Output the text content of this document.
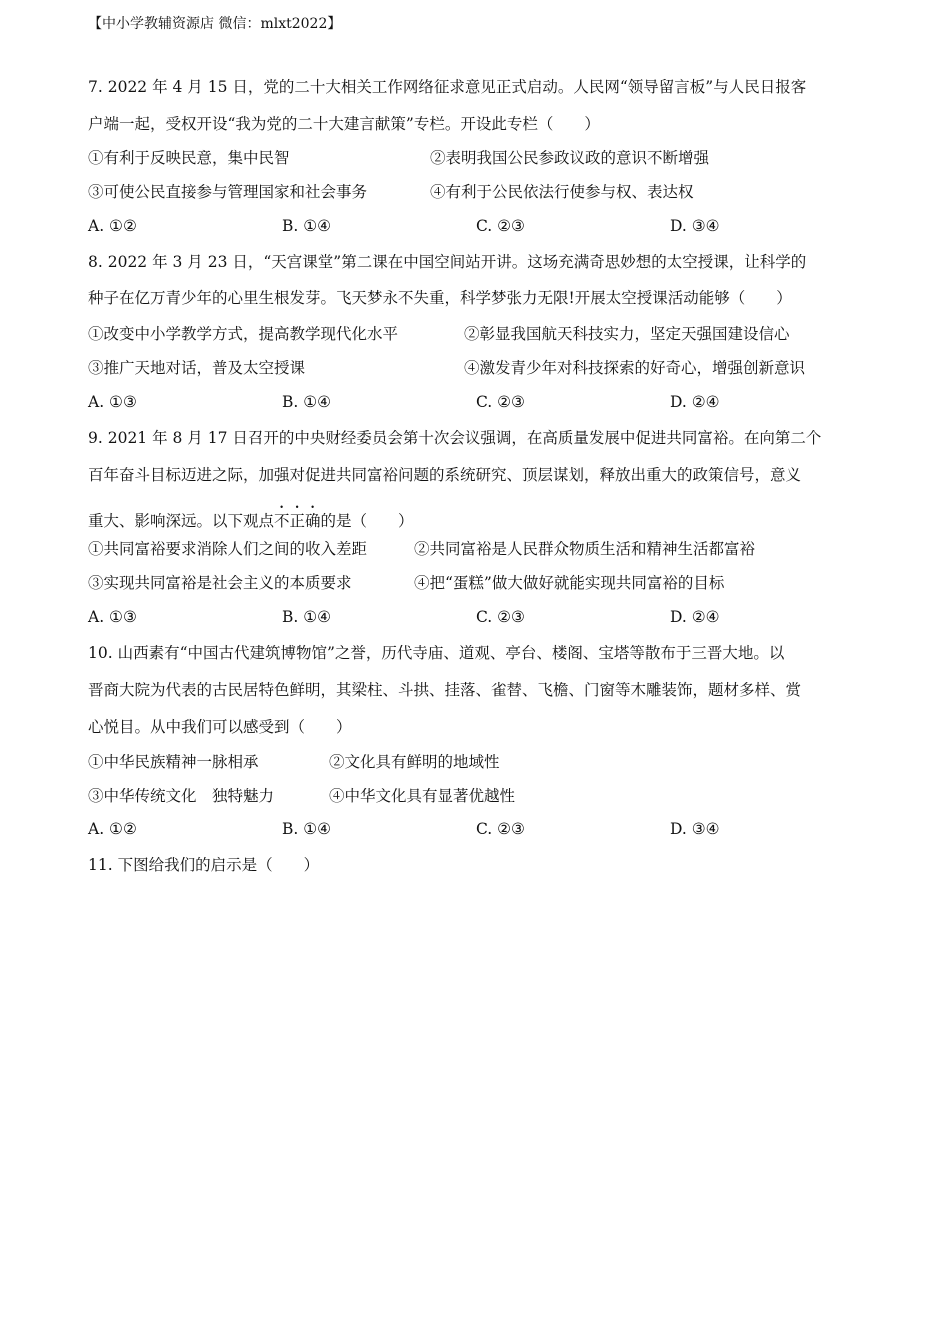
【中小学教辅资源店 微信：mlxt2022】
7. 2022 年 4 月 15 日，党的二十大相关工作网络征求意见正式启动。人民网“领导留言板”与人民日报客
户端一起，受权开设“我为党的二十大建言献策”专栏。开设此专栏（　　）
①有利于反映民意，集中民智	②表明我国公民参政议政的意识不断增强
③可使公民直接参与管理国家和社会事务	④有利于公民依法行使参与权、表达权
A. ①②	B. ①④	C. ②③	D. ③④
8. 2022 年 3 月 23 日，“天宫课堂”第二课在中国空间站开讲。这场充满奇思妙想的太空授课，让科学的
种子在亿万青少年的心里生根发芽。飞天梦永不失重，科学梦张力无限!开展太空授课活动能够（　　）
①改变中小学教学方式，提高教学现代化水平	②彰显我国航天科技实力，坚定天强国建设信心
③推广天地对话，普及太空授课	④激发青少年对科技探索的好奇心，增强创新意识
A. ①③	B. ①④	C. ②③	D. ②④
9. 2021 年 8 月 17 日召开的中央财经委员会第十次会议强调，在高质量发展中促进共同富裕。在向第二个
百年奋斗目标迈进之际，加强对促进共同富裕问题的系统研究、顶层谋划，释放出重大的政策信号，意义
重大、影响深远。以下观点不正确的是（　　）
①共同富裕要求消除人们之间的收入差距	②共同富裕是人民群众物质生活和精神生活都富裕
③实现共同富裕是社会主义的本质要求	④把“蛋糕”做大做好就能实现共同富裕的目标
A. ①③	B. ①④	C. ②③	D. ②④
10. 山西素有“中国古代建筑博物馆”之誉，历代寺庙、道观、亭台、楼阁、宝塔等散布于三晋大地。以
晋商大院为代表的古民居特色鲜明，其梁柱、斗拱、挂落、雀替、飞檐、门窗等木雕装饰，题材多样、赏
心悦目。从中我们可以感受到（　　）
①中华民族精神一脉相承	②文化具有鲜明的地域性
③中华传统文化　独特魅力	④中华文化具有显著优越性
A. ①②	B. ①④	C. ②③	D. ③④
11. 下图给我们的启示是（　　）
